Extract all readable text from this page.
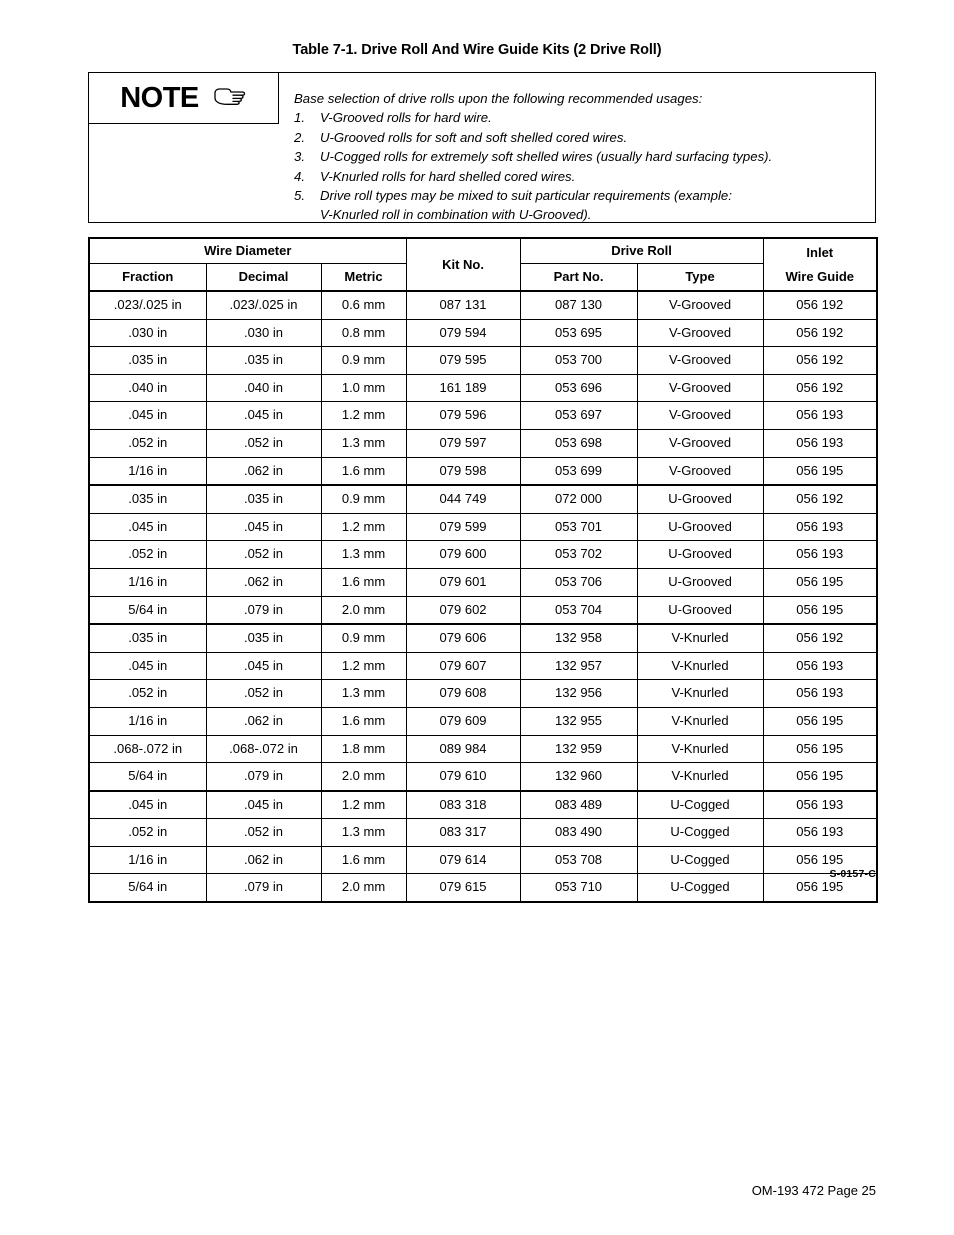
Table 7-1. Drive Roll And Wire Guide Kits (2 Drive Roll)
NOTE	Base selection of drive rolls upon the following recommended usages:
1.	V-Grooved rolls for hard wire.
2.	U-Grooved rolls for soft and soft shelled cored wires.
3.	U-Cogged rolls for extremely soft shelled wires (usually hard surfacing types).
4.	V-Knurled rolls for hard shelled cored wires.
5.	Drive roll types may be mixed to suit particular requirements (example:
V-Knurled roll in combination with U-Grooved).
Wire Diameter			Kit No.	Drive Roll		Inlet
Wire Guide

Fraction	Decimal	Metric		Part No.	Type	
.023/.025 in	.023/.025 in	0.6 mm	087 131	087 130	V-Grooved	056 192
.030 in	.030 in	0.8 mm	079 594	053 695	V-Grooved	056 192
.035 in	.035 in	0.9 mm	079 595	053 700	V-Grooved	056 192
.040 in	.040 in	1.0 mm	161 189	053 696	V-Grooved	056 192
.045 in	.045 in	1.2 mm	079 596	053 697	V-Grooved	056 193
.052 in	.052 in	1.3 mm	079 597	053 698	V-Grooved	056 193
1/16 in	.062 in	1.6 mm	079 598	053 699	V-Grooved	056 195
.035 in	.035 in	0.9 mm	044 749	072 000	U-Grooved	056 192
.045 in	.045 in	1.2 mm	079 599	053 701	U-Grooved	056 193
.052 in	.052 in	1.3 mm	079 600	053 702	U-Grooved	056 193
1/16 in	.062 in	1.6 mm	079 601	053 706	U-Grooved	056 195
5/64 in	.079 in	2.0 mm	079 602	053 704	U-Grooved	056 195
.035 in	.035 in	0.9 mm	079 606	132 958	V-Knurled	056 192
.045 in	.045 in	1.2 mm	079 607	132 957	V-Knurled	056 193
.052 in	.052 in	1.3 mm	079 608	132 956	V-Knurled	056 193
1/16 in	.062 in	1.6 mm	079 609	132 955	V-Knurled	056 195
.068-.072 in	.068-.072 in	1.8 mm	089 984	132 959	V-Knurled	056 195
5/64 in	.079 in	2.0 mm	079 610	132 960	V-Knurled	056 195
.045 in	.045 in	1.2 mm	083 318	083 489	U-Cogged	056 193
.052 in	.052 in	1.3 mm	083 317	083 490	U-Cogged	056 193
1/16 in	.062 in	1.6 mm	079 614	053 708	U-Cogged	056 195
5/64 in	.079 in	2.0 mm	079 615	053 710	U-Cogged	056 195
S-0157-C
OM-193 472 Page 25
